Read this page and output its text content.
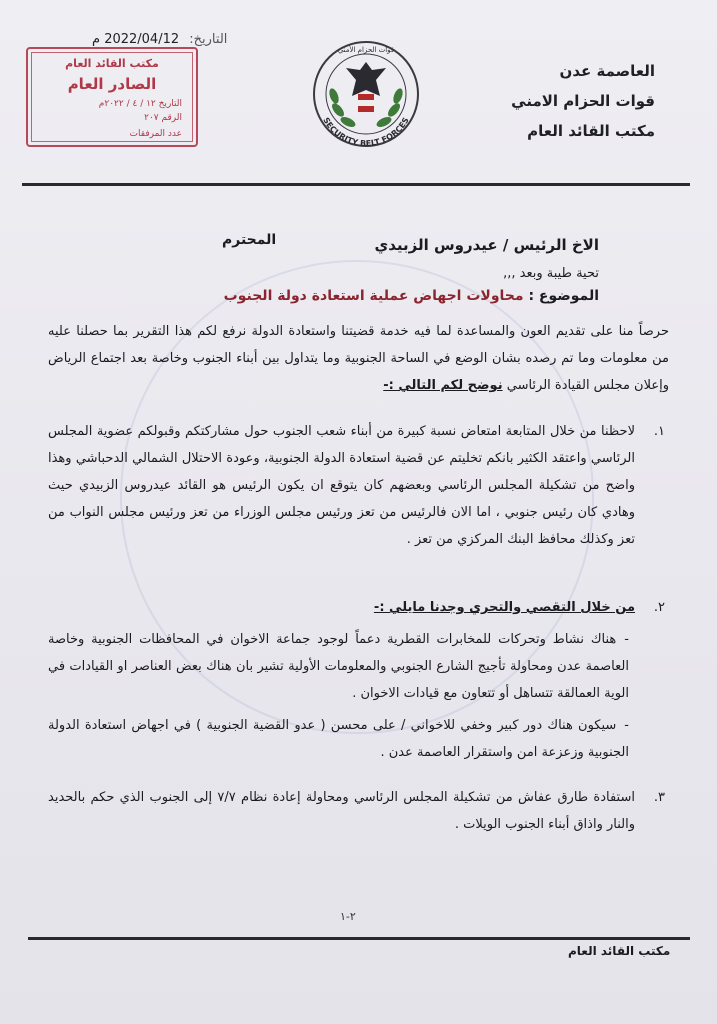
العاصمة عدن
قوات الحزام الامني
مكتب القائد العام
التاريخ: 2022/04/12 م
مكتب القائد العام
الصادر العام
التاريخ ١٢ / ٤ / ٢٠٢٢م
الرقم ٢٠٧
عدد المرفقات
SECURITY BELT FORCES
قوات الحزام الأمني
الاخ الرئيس / عيدروس الزبيدي
المحترم
تحية طيبة وبعد ,,,
الموضوع : محاولات اجهاض عملية استعادة دولة الجنوب
حرصاً منا على تقديم العون والمساعدة لما فيه خدمة قضيتنا واستعادة الدولة نرفع لكم هذا التقرير بما حصلنا عليه من معلومات وما تم رصده بشان الوضع في الساحة الجنوبية وما يتداول بين أبناء الجنوب وخاصة بعد اجتماع الرياض وإعلان مجلس القيادة الرئاسي نوضح لكم التالي :-
١.
لاحظنا من خلال المتابعة امتعاض نسبة كبيرة من أبناء شعب الجنوب حول مشاركتكم وقبولكم عضوية المجلس الرئاسي واعتقد الكثير بانكم تخليتم عن قضية استعادة الدولة الجنوبية، وعودة الاحتلال الشمالي الدحباشي وهذا واضح من تشكيلة المجلس الرئاسي وبعضهم كان يتوقع ان يكون الرئيس هو القائد عيدروس الزبيدي حيث وهادي كان رئيس جنوبي ، اما الان فالرئيس من تعز ورئيس مجلس الوزراء من تعز ورئيس مجلس النواب من تعز وكذلك محافظ البنك المركزي من تعز .
٢.
من خلال التقصي والتحري وجدنا مايلي :-
-هناك نشاط وتحركات للمخابرات القطرية دعماً لوجود جماعة الاخوان في المحافظات الجنوبية وخاصة العاصمة عدن ومحاولة تأجيج الشارع الجنوبي والمعلومات الأولية تشير بان هناك بعض العناصر او القيادات في الوية العمالقة تتساهل أو تتعاون مع قيادات الاخوان .
-سيكون هناك دور كبير وخفي للاخواني / على محسن ( عدو القضية الجنوبية ) في اجهاض استعادة الدولة الجنوبية وزعزعة امن واستقرار العاصمة عدن .
٣.
استفادة طارق عفاش من تشكيلة المجلس الرئاسي ومحاولة إعادة نظام ٧/٧ إلى الجنوب الذي حكم بالحديد والنار واذاق أبناء الجنوب الويلات .
٢-١
مكتب القائد العام
